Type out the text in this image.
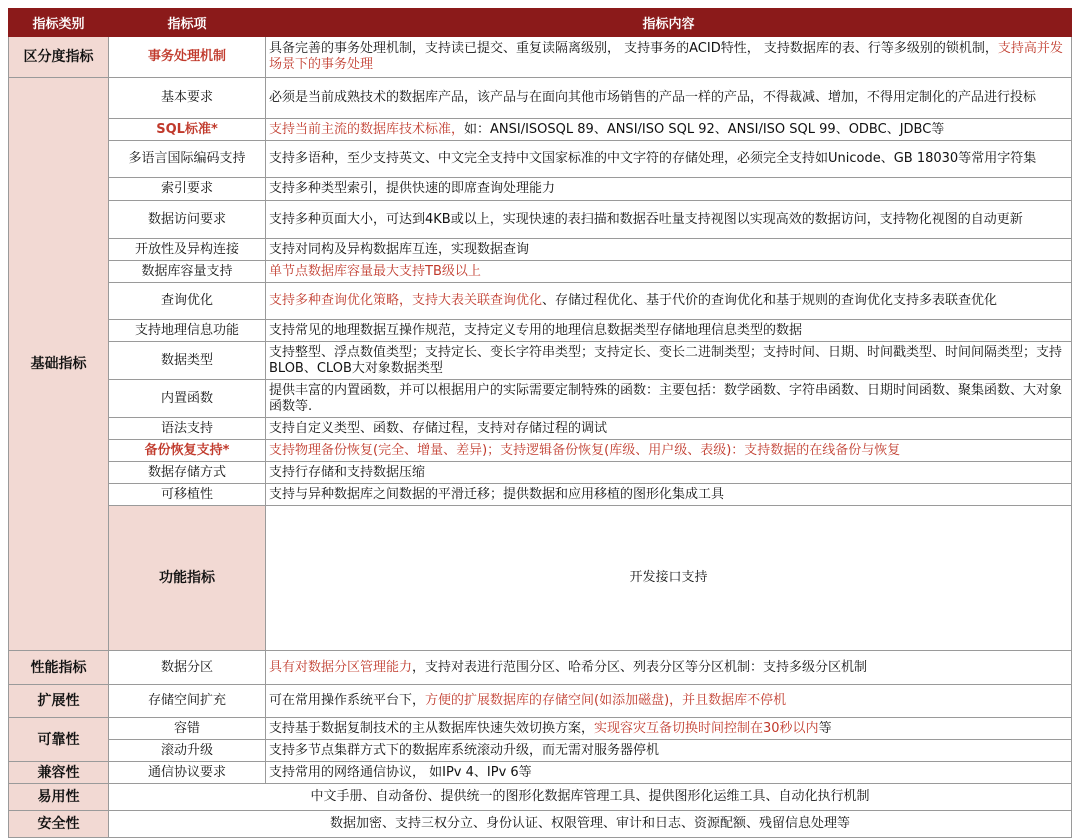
指标类别	指标项	指标内容	
区分度指标	事务处理机制	具备完善的事务处理机制，支持读已提交、重复读隔离级别， 支持事务的ACID特性， 支持数据库的表、行等多级别的锁机制，支持高并发场景下的事务处理	
基础指标	基本要求	必须是当前成熟技术的数据库产品，该产品与在面向其他市场销售的产品一样的产品，不得裁减、增加，不得用定制化的产品进行投标	
	SQL标准*	支持当前主流的数据库技术标准，如：ANSI/ISOSQL 89、ANSI/ISO SQL 92、ANSI/ISO SQL 99、ODBC、JDBC等	
	多语言国际编码支持	支持多语种，至少支持英文、中文完全支持中文国家标准的中文字符的存储处理，必须完全支持如Unicode、GB 18030等常用字符集	
	索引要求	支持多种类型索引，提供快速的即席查询处理能力	
	数据访问要求	支持多种页面大小，可达到4KB或以上，实现快速的表扫描和数据吞吐量支持视图以实现高效的数据访问，支持物化视图的自动更新	
	开放性及异构连接	支持对同构及异构数据库互连，实现数据查询	
	数据库容量支持	单节点数据库容量最大支持TB级以上	
	查询优化	支持多种查询优化策略，支持大表关联查询优化、存储过程优化、基于代价的查询优化和基于规则的查询优化支持多表联查优化	
	支持地理信息功能	支持常见的地理数据互操作规范，支持定义专用的地理信息数据类型存储地理信息类型的数据	
	数据类型	支持整型、浮点数值类型；支持定长、变长字符串类型；支持定长、变长二进制类型；支持时间、日期、时间戳类型、时间间隔类型；支持BLOB、CLOB大对象数据类型	
	内置函数	提供丰富的内置函数，并可以根据用户的实际需要定制特殊的函数：主要包括：数学函数、字符串函数、日期时间函数、聚集函数、大对象函数等.	
	语法支持	支持自定义类型、函数、存储过程，支持对存储过程的调试	
	备份恢复支持*	支持物理备份恢复(完全、增量、差异)；支持逻辑备份恢复(库级、用户级、表级)：支持数据的在线备份与恢复	
	数据存储方式	支持行存储和支持数据压缩	
	可移植性	支持与异种数据库之间数据的平滑迁移；提供数据和应用移植的图形化集成工具	
	功能指标	开发接口支持	
性能指标	数据分区	具有对数据分区管理能力，支持对表进行范围分区、哈希分区、列表分区等分区机制：支持多级分区机制	
扩展性	存储空间扩充	可在常用操作系统平台下，方便的扩展数据库的存储空间(如添加磁盘)，并且数据库不停机	
可靠性	容错	支持基于数据复制技术的主从数据库快速失效切换方案，实现容灾互备切换时间控制在30秒以内等	
	滚动升级	支持多节点集群方式下的数据库系统滚动升级，而无需对服务器停机	
兼容性	通信协议要求	支持常用的网络通信协议， 如IPv 4、IPv 6等	
易用性	中文手册、自动备份、提供统一的图形化数据库管理工具、提供图形化运维工具、自动化执行机制		
安全性	数据加密、支持三权分立、身份认证、权限管理、审计和日志、资源配额、残留信息处理等		
